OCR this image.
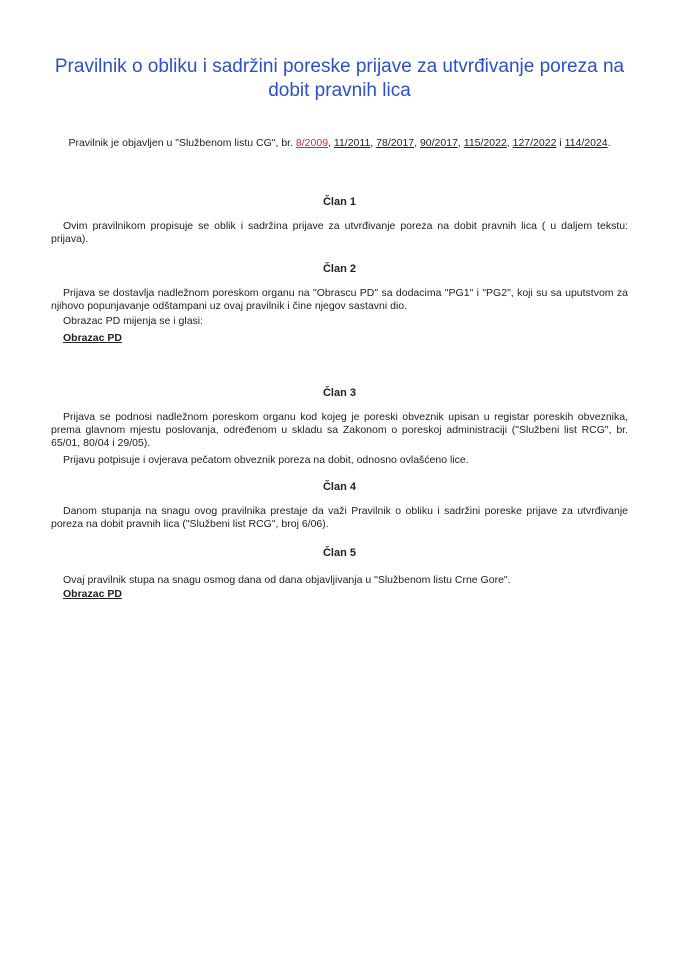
Pravilnik o obliku i sadržini poreske prijave za utvrđivanje poreza na dobit pravnih lica
Pravilnik je objavljen u "Službenom listu CG", br. 8/2009, 11/2011, 78/2017, 90/2017, 115/2022, 127/2022 i 114/2024.
Član 1
Ovim pravilnikom propisuje se oblik i sadržina prijave za utvrđivanje poreza na dobit pravnih lica ( u daljem tekstu: prijava).
Član 2
Prijava se dostavlja nadležnom poreskom organu na "Obrascu PD" sa dodacima "PG1" i "PG2", koji su sa uputstvom za njihovo popunjavanje odštampani uz ovaj pravilnik i čine njegov sastavni dio.
Obrazac PD mijenja se i glasi:
Obrazac PD
Član 3
Prijava se podnosi nadležnom poreskom organu kod kojeg je poreski obveznik upisan u registar poreskih obveznika, prema glavnom mjestu poslovanja, određenom u skladu sa Zakonom o poreskoj administraciji ("Službeni list RCG", br. 65/01, 80/04 i 29/05).
Prijavu potpisuje i ovjerava pečatom obveznik poreza na dobit, odnosno ovlašćeno lice.
Član 4
Danom stupanja na snagu ovog pravilnika prestaje da važi Pravilnik o obliku i sadržini poreske prijave za utvrđivanje poreza na dobit pravnih lica ("Službeni list RCG", broj 6/06).
Član 5
Ovaj pravilnik stupa na snagu osmog dana od dana objavljivanja u "Službenom listu Crne Gore".
Obrazac PD
